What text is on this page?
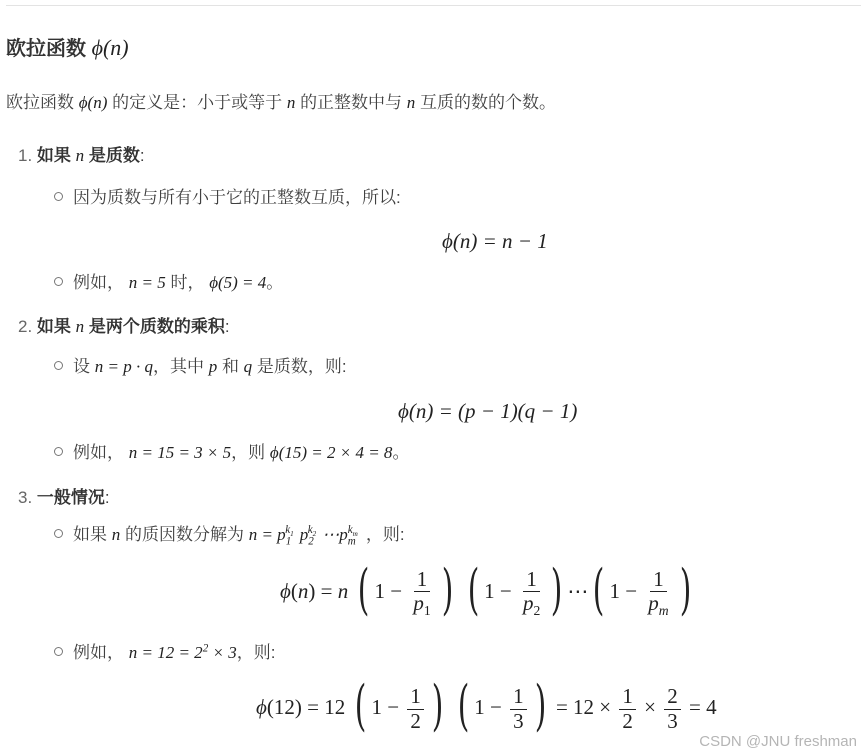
欧拉函数 ϕ(n)
欧拉函数 ϕ(n) 的定义是：小于或等于 n 的正整数中与 n 互质的数的个数。
1. 如果 n 是质数:
因为质数与所有小于它的正整数互质，所以:
ϕ(n) = n − 1
例如， n = 5 时， ϕ(5) = 4。
2. 如果 n 是两个质数的乘积:
设 n = p · q，其中 p 和 q 是质数，则:
ϕ(n) = (p − 1)(q − 1)
例如， n = 15 = 3 × 5，则 ϕ(15) = 2 × 4 = 8。
3. 一般情况:
如果 n 的质因数分解为 $n = p_1^{k_1}$ $p_2^{k_2}$ $\cdots p_m^{k_m}$ ，则:
ϕ(n) = n ( $1 - \frac{1}{p_1}$ ) ( $1 - \frac{1}{p_2}$ ) ⋯( $1 - \frac{1}{p_m}$ )
例如， $n = 12 = 2^2 \times 3$，则:
ϕ(12) = 12 ( $1 - \frac{1}{2}$ ) ( $1 - \frac{1}{3}$ ) = $12 \times \frac{1}{2} \times \frac{2}{3} = 4$
CSDN @JNU freshman
